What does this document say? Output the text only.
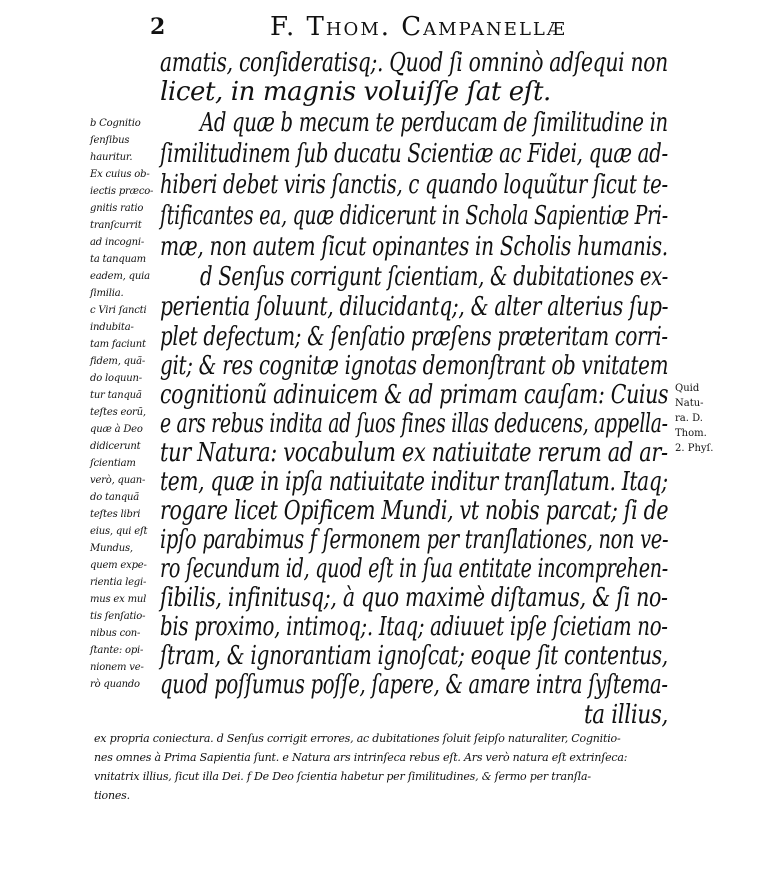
2	F. Thom. Campanellæ
amatis, conſideratisq;. Quod ſi omninò adſequi non
licet, in magnis voluiſſe ſat eſt.
Ad quæ b mecum te perducam de ſimilitudine in
ſimilitudinem ſub ducatu Scientiæ ac Fidei, quæ ad-
hiberi debet viris ſanctis, c quando loquũtur ſicut te-
ſtificantes ea, quæ didicerunt in Schola Sapientiæ Pri-
mæ, non autem ſicut opinantes in Scholis humanis.
d Senſus corrigunt ſcientiam, & dubitationes ex-
perientia ſoluunt, dilucidantq;, & alter alterius ſup-
plet defectum; & ſenſatio præſens præteritam corri-
git; & res cognitæ ignotas demonſtrant ob vnitatem
cognitionũ adinuicem & ad primam cauſam: Cuius
e ars rebus indita ad ſuos fines illas deducens, appella-
tur Natura: vocabulum ex natiuitate rerum ad ar-
tem, quæ in ipſa natiuitate inditur tranſlatum. Itaq;
rogare licet Opificem Mundi, vt nobis parcat; ſi de
ipſo parabimus f ſermonem per tranſlationes, non ve-
ro ſecundum id, quod eſt in ſua entitate incomprehen-
ſibilis, infinitusq;, à quo maximè diſtamus, & ſi no-
bis proximo, intimoq;. Itaq; adiuuet ipſe ſcietiam no-
ſtram, & ignorantiam ignoſcat; eoque ſit contentus,
quod poſſumus poſſe, ſapere, & amare intra ſyſtema-
ta illius,
b Cognitio
ſenſibus
hauritur.
Ex cuius ob-
iectis præco-
gnitis ratio
tranſcurrit
ad incogni-
ta tanquam
eadem, quia
ſimilia.
c Viri ſancti
indubita-
tam faciunt
fidem, quã-
do loquun-
tur tanquã
teſtes eorũ,
quæ à Deo
didicerunt
ſcientiam
verò, quan-
do tanquã
teſtes libri
eius, qui eſt
Mundus,
quem expe-
rientia legi-
mus ex mul
tis ſenſatio-
nibus con-
ſtante: opi-
nionem ve-
rò quando
Quid
Natu-
ra. D.
Thom.
2. Phyſ.
ex propria coniectura. d Senſus corrigit errores, ac dubitationes ſoluit ſeipſo naturaliter, Cognitio-
nes omnes à Prima Sapientia ſunt. e Natura ars intrinſeca rebus eſt. Ars verò natura eſt extrinſeca:
vnitatrix illius, ſicut illa Dei. f De Deo ſcientia habetur per ſimilitudines, & ſermo per tranſla-
tiones.
